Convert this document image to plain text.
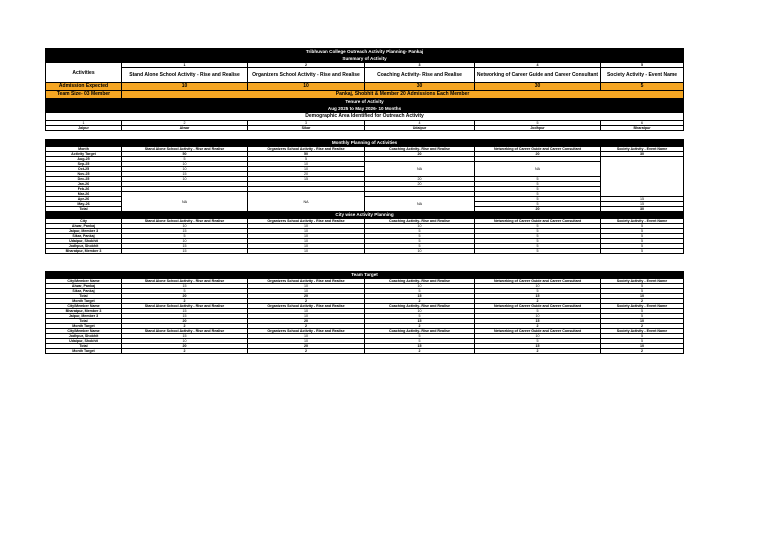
Tribhuvan College Outreach Activity Planning- Pankaj					
Summary of Activity					
Activities	1	2	3	4	5
	Stand Alone School Activity - Rise and Realise	Organizers School Activity - Rise and Realise	Coaching Activity- Rise and Realise	Networking of Career Guide and Career Consultant	Society Activity - Event Name
Admission Expected	10	10	30	30	5
Team Size- 03 Member	Pankaj, Shobhit & Member 20 Admissions Each Member				
Tenure of Activity					
Aug 2025 to May 2026- 10 Months					
Demographic Area Identified for Outreach Activity					
1	2	3	4	5	6
Jaipur	Alwar	Sikar	Udaipur	Jodhpur	Bharatpur

Monthly Planning of Activities					
Month	Stand Alone School Activity - Rise and Realise	Organizers School Activity - Rise and Realise	Coaching Activity- Rise and Realise	Networking of Career Guide and Career Consultant	Society Activity - Event Name
Activity Target	50	50	20	20	30
Aug-25	5	5			
Sep-25	10	10	NA	NA	
Oct-25	10	10			
Nov-25	15	20			
Dec-25	10	15	20	5	
Jan-26			20	5	
Feb-26				5	
Mar-26	NA	NA		5	
Apr-26			NA	5	15
May-26				5	15
Total				20	30
City wise Activity Planning					
City	Stand Alone School Activity - Rise and Realise	Organizers School Activity - Rise and Realise	Coaching Activity- Rise and Realise	Networking of Career Guide and Career Consultant	Society Activity - Event Name
Alwar, Pankaj	10	10	10	5	5
Jaipur, Member 3	15	10	5	5	5
Sikar, Pankaj	5	10	5	5	5
Udaipur, Shobhit	10	10	5	5	5
Jodhpur, Shobhit	15	10	5	5	5
Bharatpur, Member 3	15	10	10	5	5
Team Target					
City/Member Name	Stand Alone School Activity - Rise and Realise	Organizers School Activity - Rise and Realise	Coaching Activity- Rise and Realise	Networking of Career Guide and Career Consultant	Society Activity - Event Name
Alwar, Pankaj	15	10	10	10	5
Sikar, Pankaj	5	10	5	5	5
Total	20	20	15	15	10
Month Target	2	2	2	2	2
City/Member Name	Stand Alone School Activity - Rise and Realise	Organizers School Activity - Rise and Realise	Coaching Activity- Rise and Realise	Networking of Career Guide and Career Consultant	Society Activity - Event Name
Bharatpur, Member 3	15	10	10	5	5
Jaipur, Member 3	15	10	5	10	5
Total	20	20	15	15	10
Month Target	2	2	2	2	2
City/Member Name	Stand Alone School Activity - Rise and Realise	Organizers School Activity - Rise and Realise	Coaching Activity- Rise and Realise	Networking of Career Guide and Career Consultant	Society Activity - Event Name
Jodhpur, Shobhit	15	10	5	10	5
Udaipur, Shobhit	10	10	5	5	5
Total	20	20	15	15	10
Month Target	2	2	2	2	2
